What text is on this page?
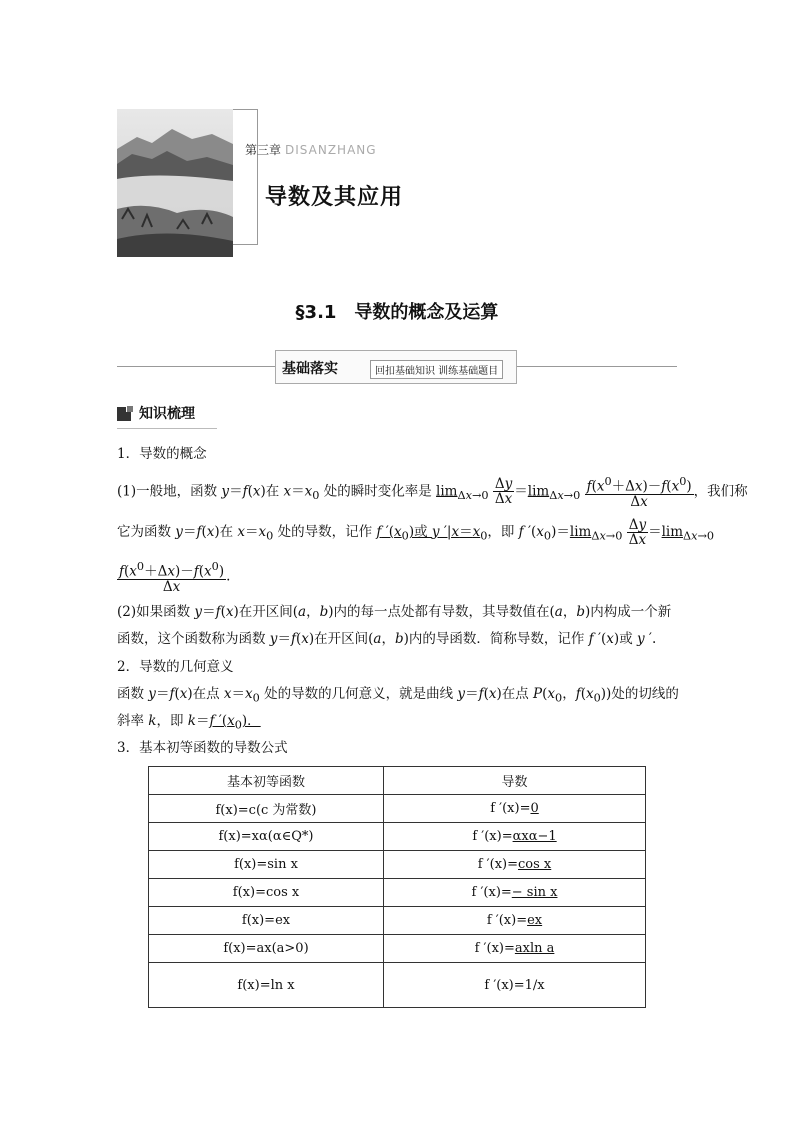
第三章 DISANZHANG
导数及其应用
§3.1　导数的概念及运算
基础落实	回扣基础知识 训练基础题目
知识梳理
1．导数的概念
(1)一般地，函数 y＝f(x)在 $x=x_0$ 处的瞬时变化率是 $\lim_{\Delta x\to 0} \frac{\Delta y}{\Delta x} =\lim_{\Delta x\to 0} \frac{f(x^0+\Delta x)-f(x^0)}{\Delta x}$ ，我们称
它为函数 y＝f(x)在 $x=x_0$ 处的导数，记作 f $'(x_0)$或 y $'|x=x_0$，即 f $'(x_0)=\lim_{\Delta x\to 0} \frac{\Delta y}{\Delta x} =\lim_{\Delta x\to 0}$
$\frac{f(x^0+\Delta x)-f(x^0)}{\Delta x}$ .
(2)如果函数 y＝f(x)在开区间(a，b)内的每一点处都有导数，其导数值在(a，b)内构成一个新
函数，这个函数称为函数 y＝f(x)在开区间(a，b)内的导函数．简称导数，记作 f ′(x)或 y ′.
2．导数的几何意义
函数 y＝f(x)在点 $x=x_0$ 处的导数的几何意义，就是曲线 y＝f(x)在点 $P(x_0$，$f(x_0)$)处的切线的
斜率 k，即 k＝f $'(x_0)$．
3．基本初等函数的导数公式
基本初等函数	导数
f(x)=c(c 为常数)	f ′(x)=0
f(x)=xα(α∈Q*)	f ′(x)=αxα−1
f(x)=sin x	f ′(x)=cos x
f(x)=cos x	f ′(x)=− sin x
f(x)=ex	f ′(x)=ex
f(x)=ax(a>0)	f ′(x)=axln a
f(x)=ln x	f ′(x)=1/x
